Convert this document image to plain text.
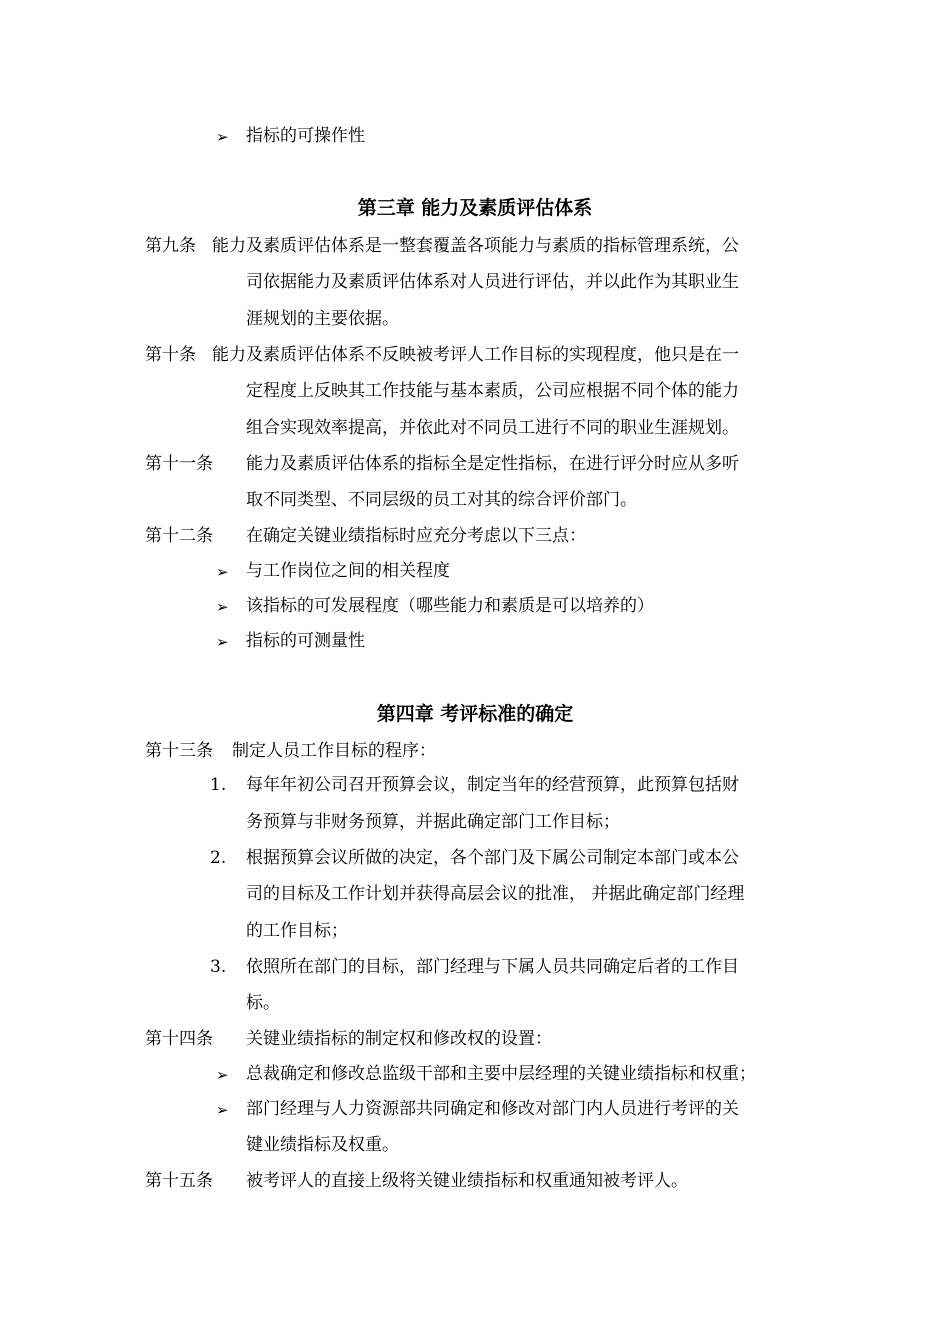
➢ 指标的可操作性
第三章 能力及素质评估体系
第九条 能力及素质评估体系是一整套覆盖各项能力与素质的指标管理系统，公
司依据能力及素质评估体系对人员进行评估，并以此作为其职业生
涯规划的主要依据。
第十条 能力及素质评估体系不反映被考评人工作目标的实现程度，他只是在一
定程度上反映其工作技能与基本素质，公司应根据不同个体的能力
组合实现效率提高，并依此对不同员工进行不同的职业生涯规划。
第十一条 能力及素质评估体系的指标全是定性指标，在进行评分时应从多听
取不同类型、不同层级的员工对其的综合评价部门。
第十二条 在确定关键业绩指标时应充分考虑以下三点：
➢ 与工作岗位之间的相关程度
➢ 该指标的可发展程度（哪些能力和素质是可以培养的）
➢ 指标的可测量性
第四章 考评标准的确定
第十三条 制定人员工作目标的程序：
1. 每年年初公司召开预算会议，制定当年的经营预算，此预算包括财
务预算与非财务预算，并据此确定部门工作目标；
2. 根据预算会议所做的决定，各个部门及下属公司制定本部门或本公
司的目标及工作计划并获得高层会议的批准， 并据此确定部门经理
的工作目标；
3. 依照所在部门的目标，部门经理与下属人员共同确定后者的工作目
标。
第十四条 关键业绩指标的制定权和修改权的设置：
➢ 总裁确定和修改总监级干部和主要中层经理的关键业绩指标和权重；
➢ 部门经理与人力资源部共同确定和修改对部门内人员进行考评的关
键业绩指标及权重。
第十五条 被考评人的直接上级将关键业绩指标和权重通知被考评人。
